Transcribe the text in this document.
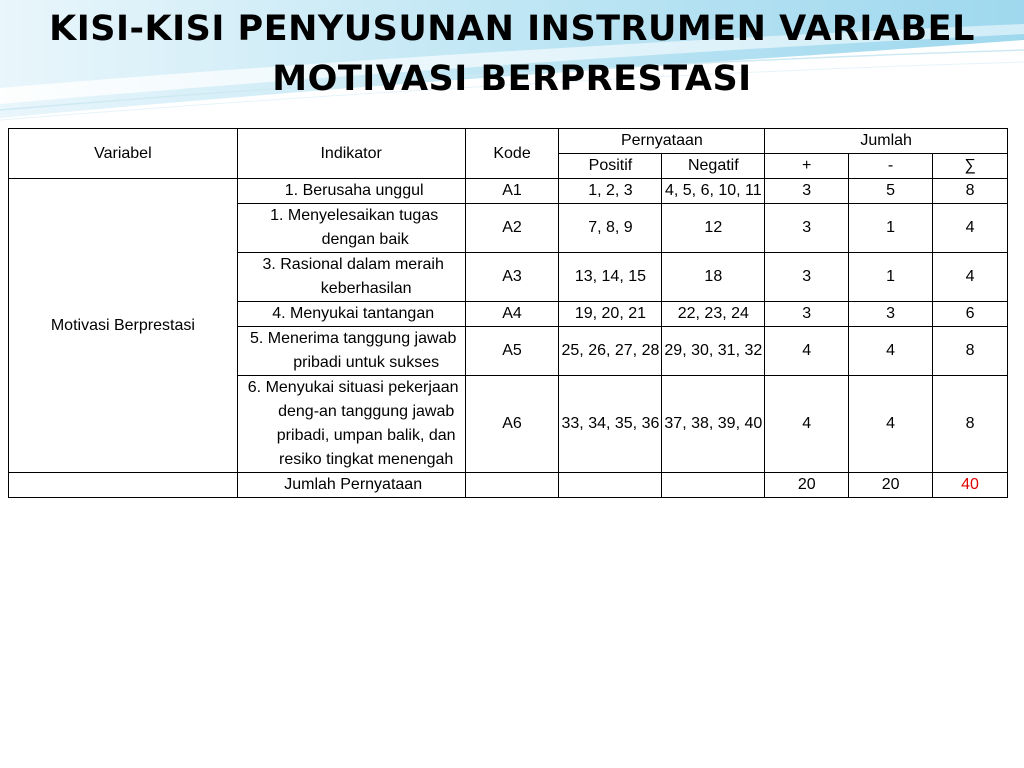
KISI-KISI PENYUSUNAN INSTRUMEN VARIABEL
MOTIVASI BERPRESTASI
Variabel	Indikator	Kode	Pernyataan		Jumlah		
			Positif	Negatif	+	-	∑
Motivasi Berprestasi	1. Berusaha unggul	A1	1, 2, 3	4, 5, 6, 10, 11	3	5	8

	1. Menyelesaikan tugas dengan baik	A2	7, 8, 9	12	3	1	4

	3. Rasional dalam meraih keberhasilan	A3	13, 14, 15	18	3	1	4

	4. Menyukai tantangan	A4	19, 20, 21	22, 23, 24	3	3	6

	5. Menerima tanggung jawab pribadi untuk sukses	A5	25, 26, 27, 28	29, 30, 31, 32	4	4	8

	6. Menyukai situasi pekerjaan deng-an tanggung jawab pribadi, umpan balik, dan resiko tingkat menengah	A6	33, 34, 35, 36	37, 38, 39, 40	4	4	8
	Jumlah Pernyataan				20	20	40
